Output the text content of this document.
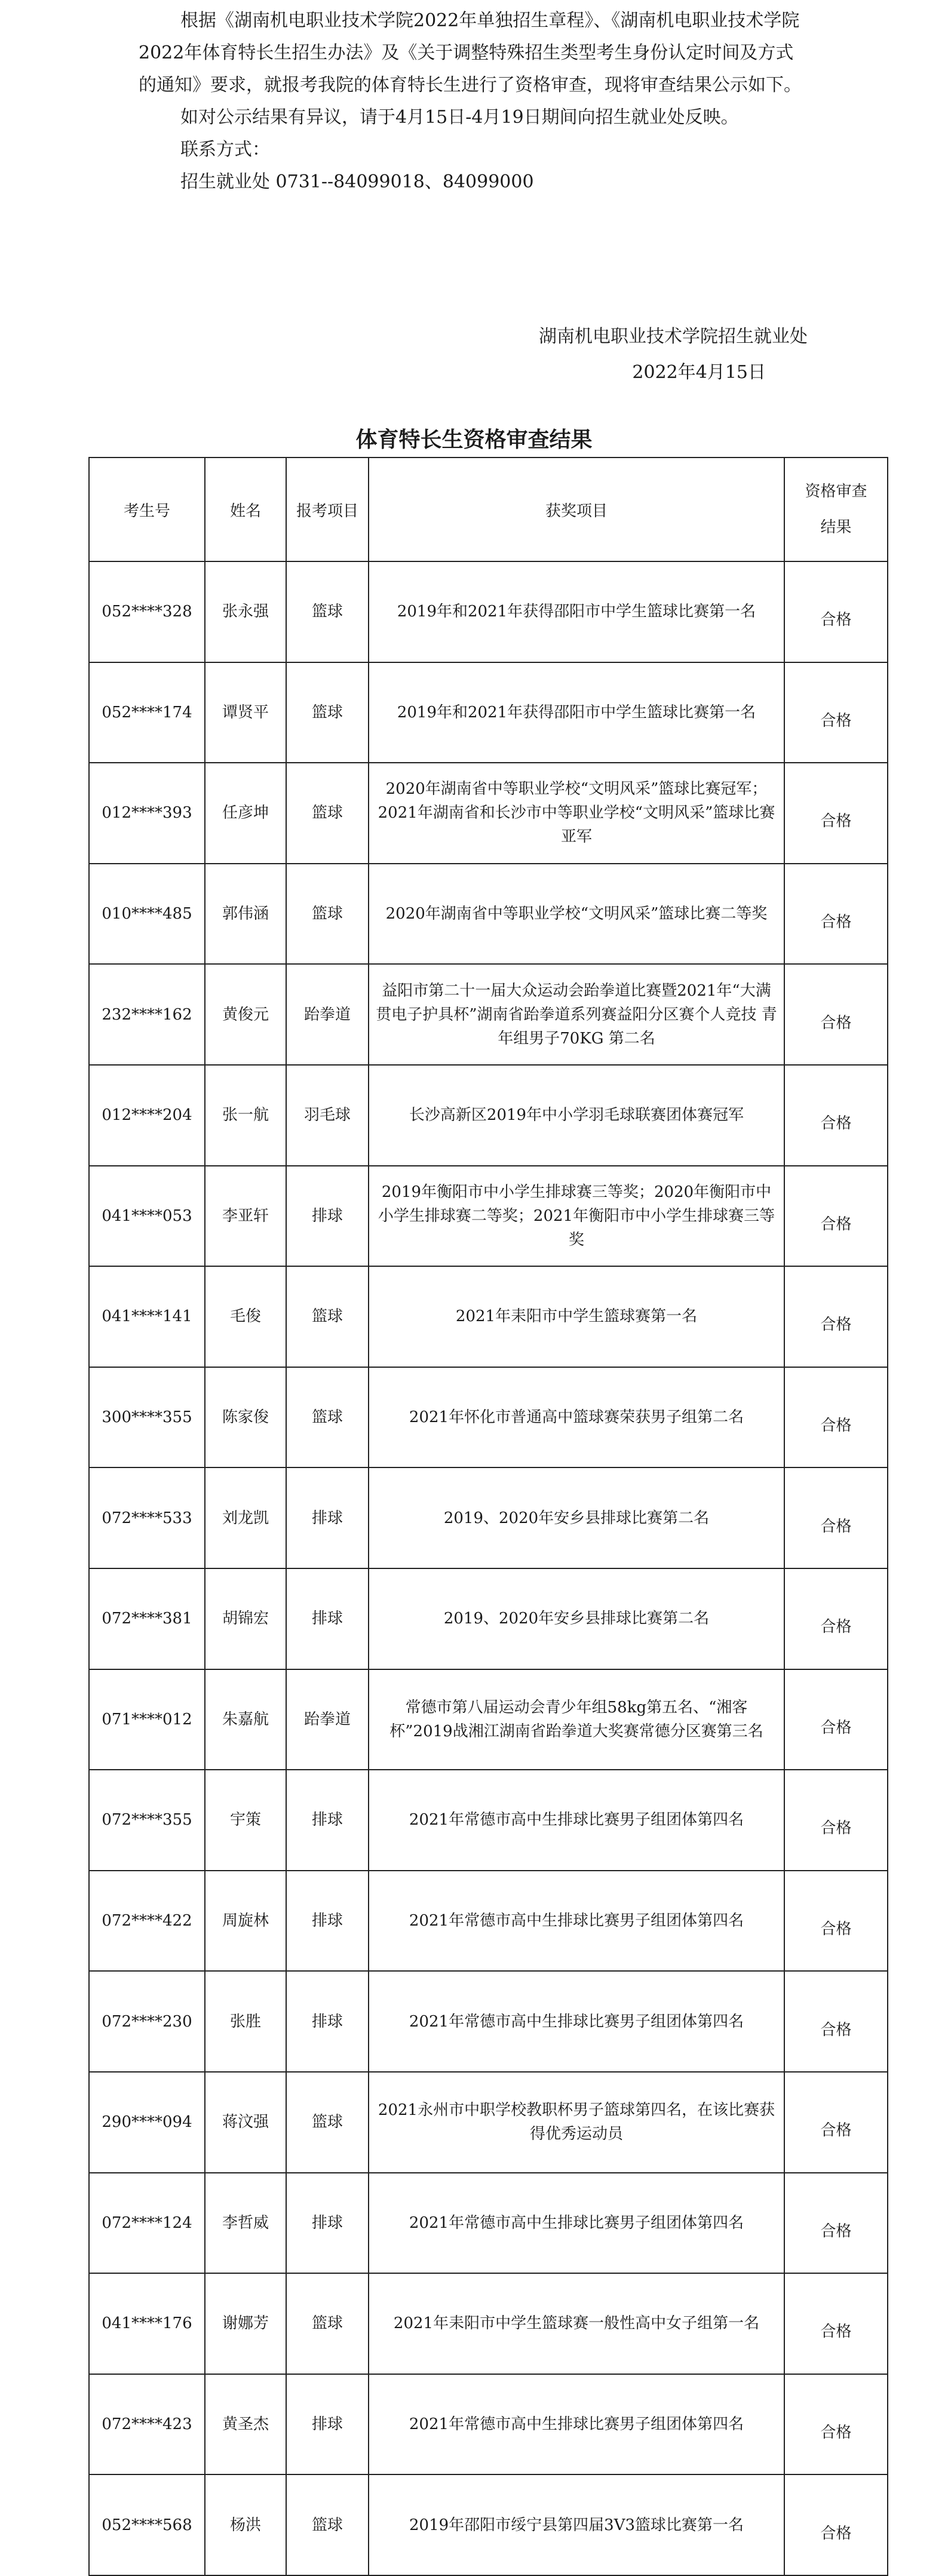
根据《湖南机电职业技术学院2022年单独招生章程》、《湖南机电职业技术学院2022年体育特长生招生办法》及《关于调整特殊招生类型考生身份认定时间及方式的通知》要求，就报考我院的体育特长生进行了资格审查，现将审查结果公示如下。

如对公示结果有异议，请于4月15日-4月19日期间向招生就业处反映。

联系方式：

招生就业处 0731--84099018、84099000

湖南机电职业技术学院招生就业处
2022年4月15日
体育特长生资格审查结果
考生号	姓名	报考项目	获奖项目	资格审查
结果

052****328	张永强	篮球	2019年和2021年获得邵阳市中学生篮球比赛第一名	合格
052****174	谭贤平	篮球	2019年和2021年获得邵阳市中学生篮球比赛第一名	合格
012****393	任彦坤	篮球	2020年湖南省中等职业学校“文明风采”篮球比赛冠军；2021年湖南省和长沙市中等职业学校“文明风采”篮球比赛亚军	合格
010****485	郭伟涵	篮球	2020年湖南省中等职业学校“文明风采”篮球比赛二等奖	合格
232****162	黄俊元	跆拳道	益阳市第二十一届大众运动会跆拳道比赛暨2021年“大满贯电子护具杯”湖南省跆拳道系列赛益阳分区赛个人竞技 青年组男子70KG 第二名	合格
012****204	张一航	羽毛球	长沙高新区2019年中小学羽毛球联赛团体赛冠军	合格
041****053	李亚轩	排球	2019年衡阳市中小学生排球赛三等奖；2020年衡阳市中小学生排球赛二等奖；2021年衡阳市中小学生排球赛三等奖	合格
041****141	毛俊	篮球	2021年耒阳市中学生篮球赛第一名	合格
300****355	陈家俊	篮球	2021年怀化市普通高中篮球赛荣获男子组第二名	合格
072****533	刘龙凯	排球	2019、2020年安乡县排球比赛第二名	合格
072****381	胡锦宏	排球	2019、2020年安乡县排球比赛第二名	合格
071****012	朱嘉航	跆拳道	常德市第八届运动会青少年组58kg第五名、“湘客杯”2019战湘江湖南省跆拳道大奖赛常德分区赛第三名	合格
072****355	宇策	排球	2021年常德市高中生排球比赛男子组团体第四名	合格
072****422	周旋林	排球	2021年常德市高中生排球比赛男子组团体第四名	合格
072****230	张胜	排球	2021年常德市高中生排球比赛男子组团体第四名	合格
290****094	蒋汶强	篮球	2021永州市中职学校教职杯男子篮球第四名，在该比赛获得优秀运动员	合格
072****124	李哲威	排球	2021年常德市高中生排球比赛男子组团体第四名	合格
041****176	谢娜芳	篮球	2021年耒阳市中学生篮球赛一般性高中女子组第一名	合格
072****423	黄圣杰	排球	2021年常德市高中生排球比赛男子组团体第四名	合格
052****568	杨洪	篮球	2019年邵阳市绥宁县第四届3V3篮球比赛第一名	合格
